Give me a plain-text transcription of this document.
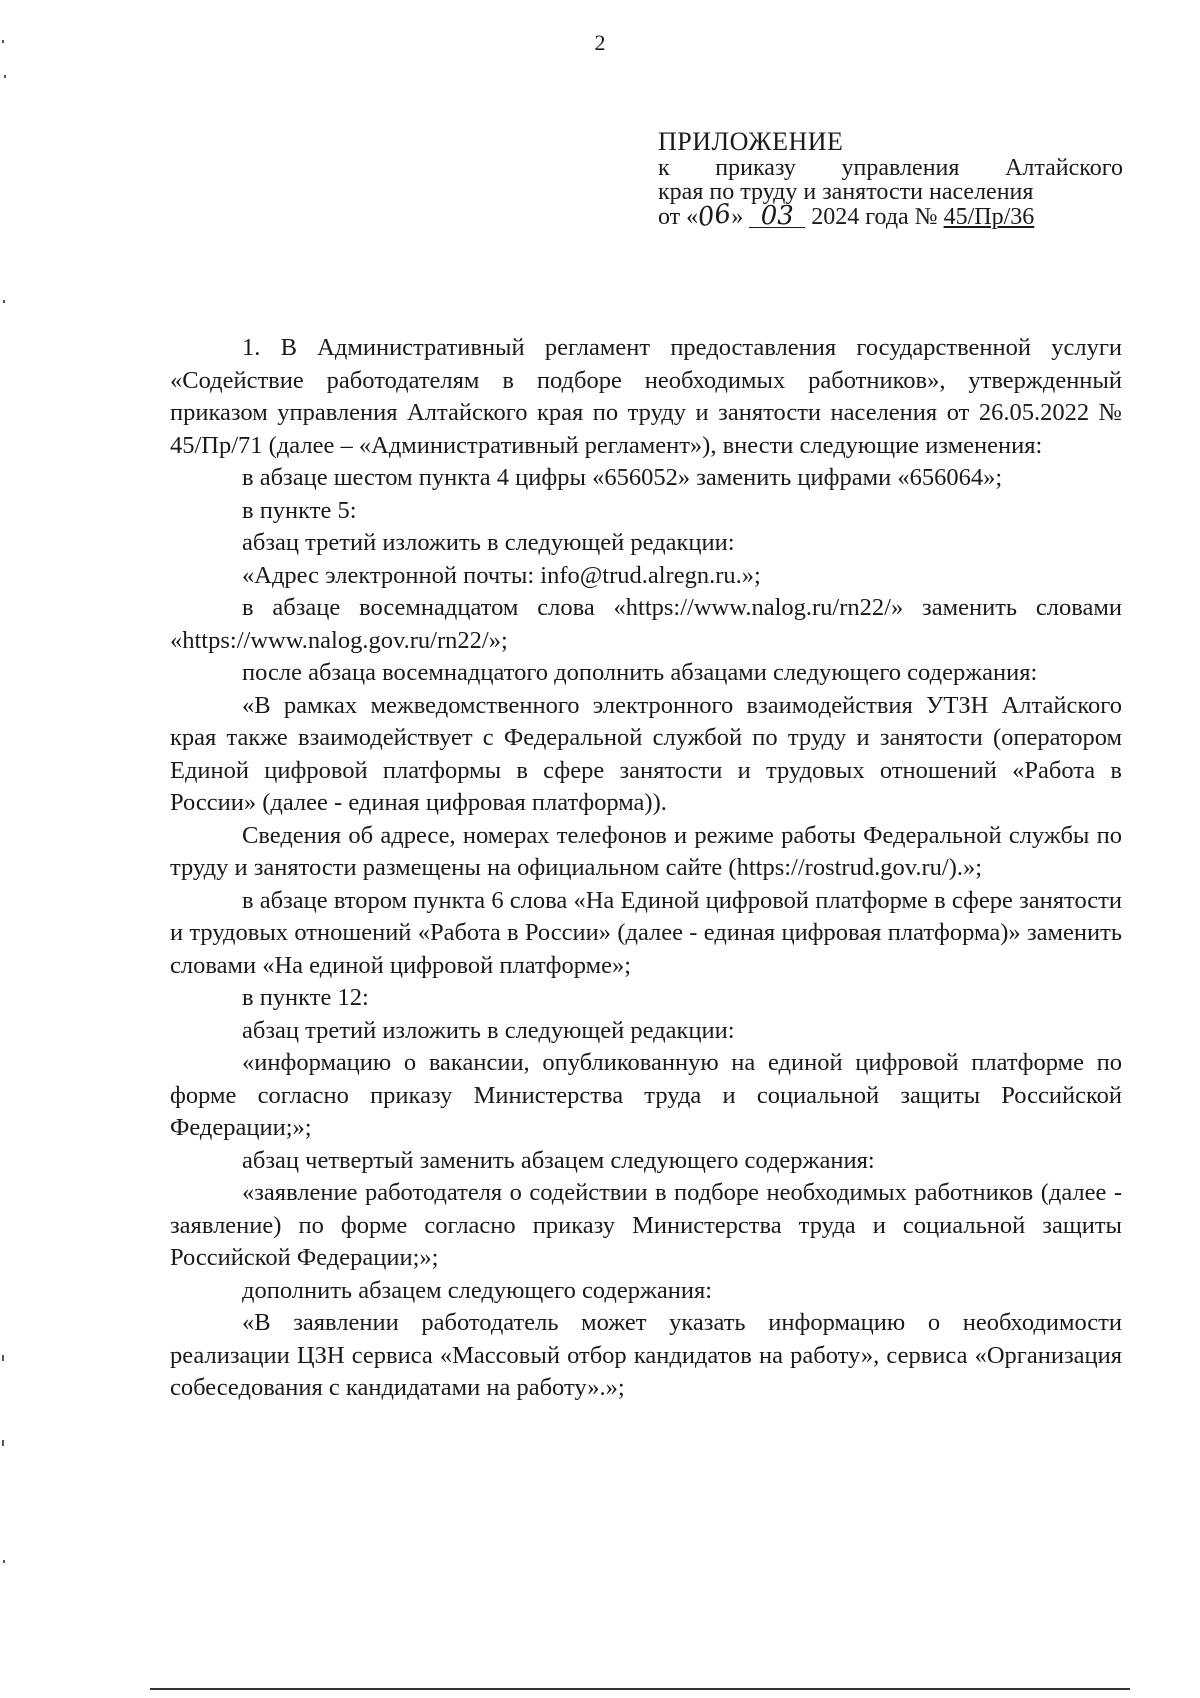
2
ПРИЛОЖЕНИЕ
к приказу управления Алтайского
края по труду и занятости населения
от «06» 03 2024 года № 45/Пр/36

1. В Административный регламент предоставления государственной услуги «Содействие работодателям в подборе необходимых работников», утвержденный приказом управления Алтайского края по труду и занятости населения от 26.05.2022 № 45/Пр/71 (далее – «Административный регламент»), внести следующие изменения:

в абзаце шестом пункта 4 цифры «656052» заменить цифрами «656064»;

в пункте 5:

абзац третий изложить в следующей редакции:

«Адрес электронной почты: info@trud.alregn.ru.»;

в абзаце восемнадцатом слова «https://www.nalog.ru/rn22/» заменить словами «https://www.nalog.gov.ru/rn22/»;

после абзаца восемнадцатого дополнить абзацами следующего содержания:

«В рамках межведомственного электронного взаимодействия УТЗН Алтайского края также взаимодействует с Федеральной службой по труду и занятости (оператором Единой цифровой платформы в сфере занятости и трудовых отношений «Работа в России» (далее - единая цифровая платформа)).

Сведения об адресе, номерах телефонов и режиме работы Федеральной службы по труду и занятости размещены на официальном сайте (https://rostrud.gov.ru/).»;

в абзаце втором пункта 6 слова «На Единой цифровой платформе в сфере занятости и трудовых отношений «Работа в России» (далее - единая цифровая платформа)» заменить словами «На единой цифровой платформе»;

в пункте 12:

абзац третий изложить в следующей редакции:

«информацию о вакансии, опубликованную на единой цифровой платформе по форме согласно приказу Министерства труда и социальной защиты Российской Федерации;»;

абзац четвертый заменить абзацем следующего содержания:

«заявление работодателя о содействии в подборе необходимых работников (далее - заявление) по форме согласно приказу Министерства труда и социальной защиты Российской Федерации;»;

дополнить абзацем следующего содержания:

«В заявлении работодатель может указать информацию о необходимости реализации ЦЗН сервиса «Массовый отбор кандидатов на работу», сервиса «Организация собеседования с кандидатами на работу».»;
